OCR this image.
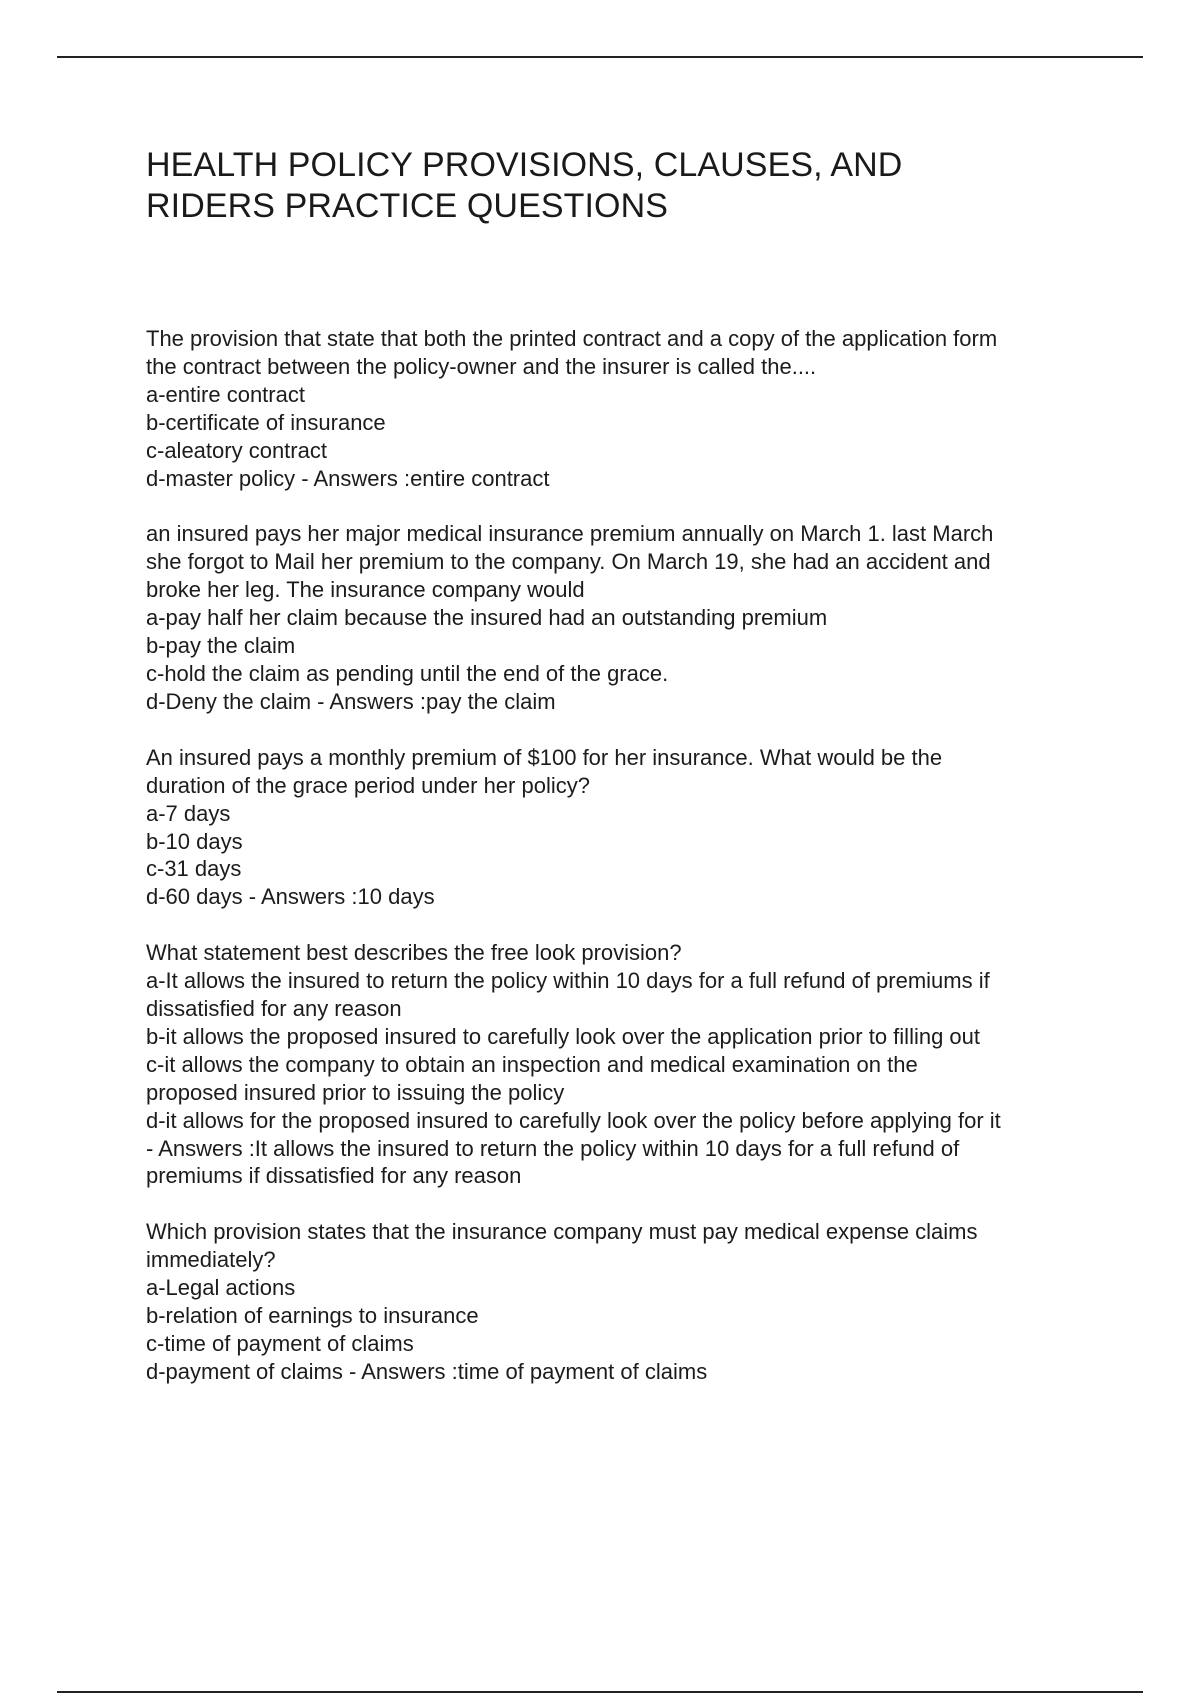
HEALTH POLICY PROVISIONS, CLAUSES, AND
RIDERS PRACTICE QUESTIONS
The provision that state that both the printed contract and a copy of the application form
the contract between the policy-owner and the insurer is called the....
a-entire contract
b-certificate of insurance
c-aleatory contract
d-master policy - Answers :entire contract
an insured pays her major medical insurance premium annually on March 1. last March
she forgot to Mail her premium to the company. On March 19, she had an accident and
broke her leg. The insurance company would
a-pay half her claim because the insured had an outstanding premium
b-pay the claim
c-hold the claim as pending until the end of the grace.
d-Deny the claim - Answers :pay the claim
An insured pays a monthly premium of $100 for her insurance. What would be the
duration of the grace period under her policy?
a-7 days
b-10 days
c-31 days
d-60 days - Answers :10 days
What statement best describes the free look provision?
a-It allows the insured to return the policy within 10 days for a full refund of premiums if
dissatisfied for any reason
b-it allows the proposed insured to carefully look over the application prior to filling out
c-it allows the company to obtain an inspection and medical examination on the
proposed insured prior to issuing the policy
d-it allows for the proposed insured to carefully look over the policy before applying for it
- Answers :It allows the insured to return the policy within 10 days for a full refund of
premiums if dissatisfied for any reason
Which provision states that the insurance company must pay medical expense claims
immediately?
a-Legal actions
b-relation of earnings to insurance
c-time of payment of claims
d-payment of claims - Answers :time of payment of claims
